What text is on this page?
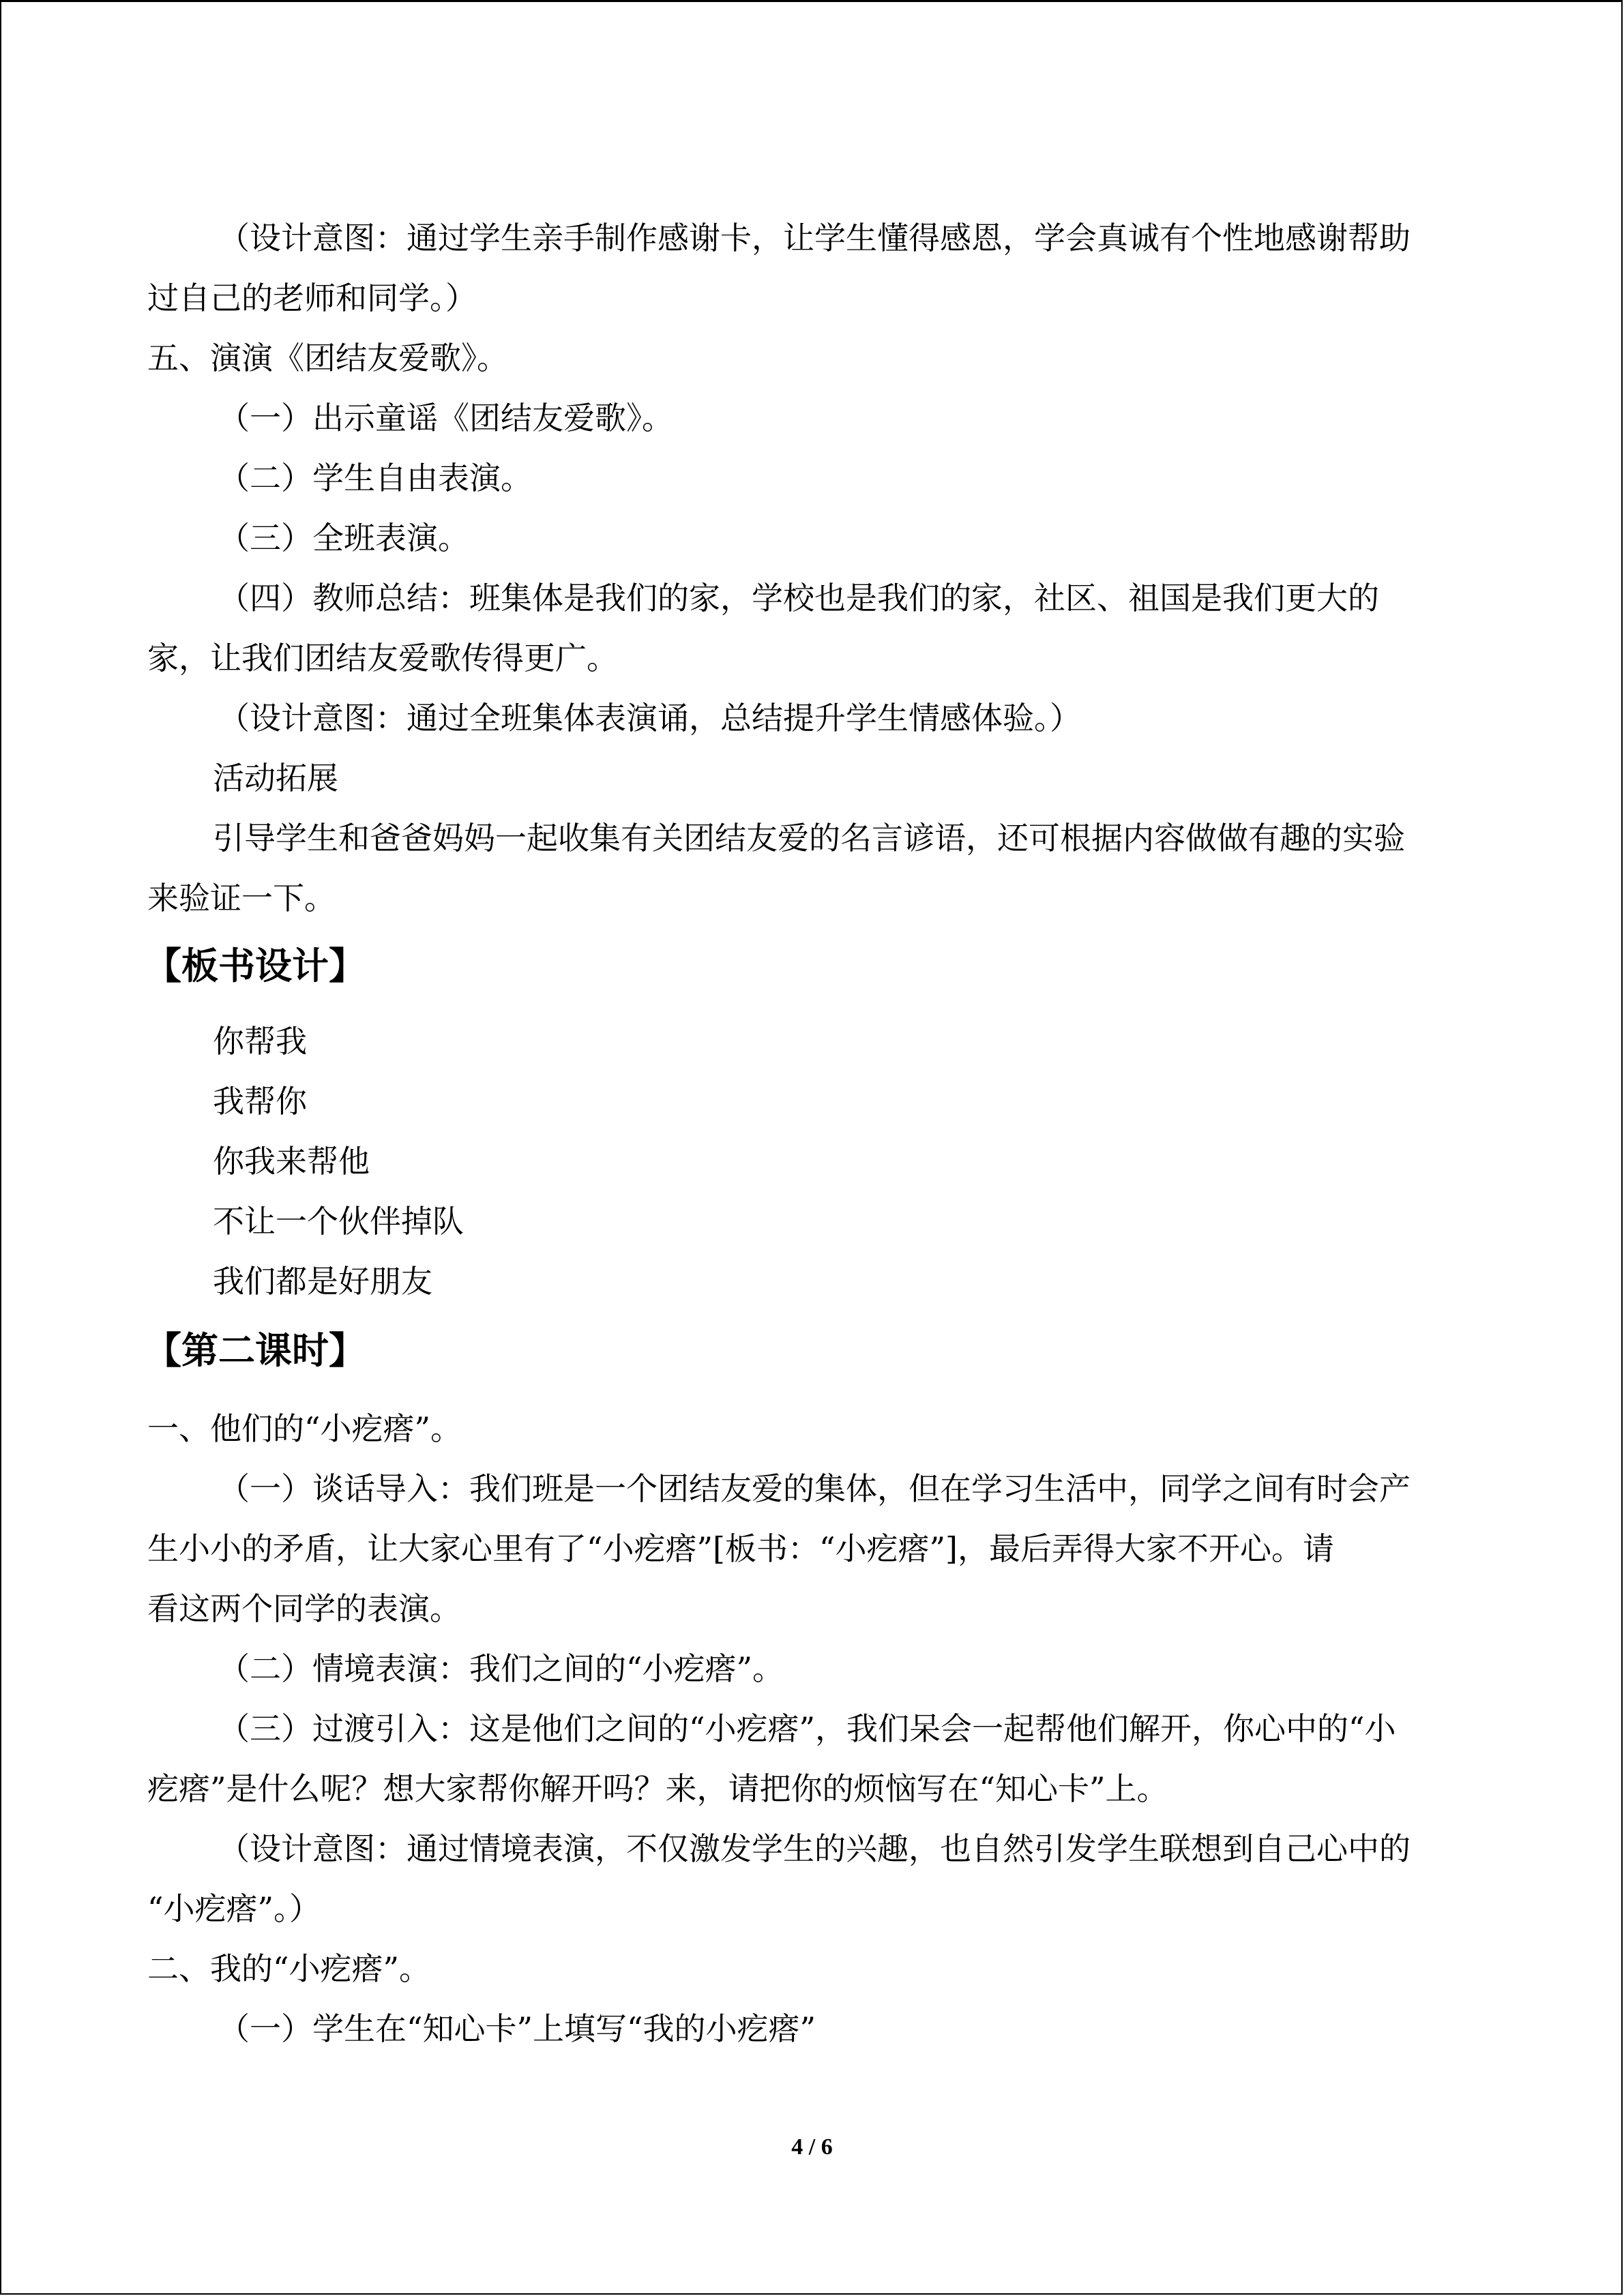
（设计意图：通过学生亲手制作感谢卡，让学生懂得感恩，学会真诚有个性地感谢帮助

过自己的老师和同学。）

五、演演《团结友爱歌》。

（一）出示童谣《团结友爱歌》。

（二）学生自由表演。

（三）全班表演。

（四）教师总结：班集体是我们的家，学校也是我们的家，社区、祖国是我们更大的

家，让我们团结友爱歌传得更广。

（设计意图：通过全班集体表演诵，总结提升学生情感体验。）

活动拓展

引导学生和爸爸妈妈一起收集有关团结友爱的名言谚语，还可根据内容做做有趣的实验

来验证一下。

【板书设计】

你帮我

我帮你

你我来帮他

不让一个伙伴掉队

我们都是好朋友

【第二课时】

一、他们的“小疙瘩”。

（一）谈话导入：我们班是一个团结友爱的集体，但在学习生活中，同学之间有时会产

生小小的矛盾，让大家心里有了“小疙瘩”[板书：“小疙瘩”]，最后弄得大家不开心。请

看这两个同学的表演。

（二）情境表演：我们之间的“小疙瘩”。

（三）过渡引入：这是他们之间的“小疙瘩”，我们呆会一起帮他们解开，你心中的“小

疙瘩”是什么呢？想大家帮你解开吗？来，请把你的烦恼写在“知心卡”上。

（设计意图：通过情境表演，不仅激发学生的兴趣，也自然引发学生联想到自己心中的

“小疙瘩”。）

二、我的“小疙瘩”。

（一）学生在“知心卡”上填写“我的小疙瘩”

4 / 6
